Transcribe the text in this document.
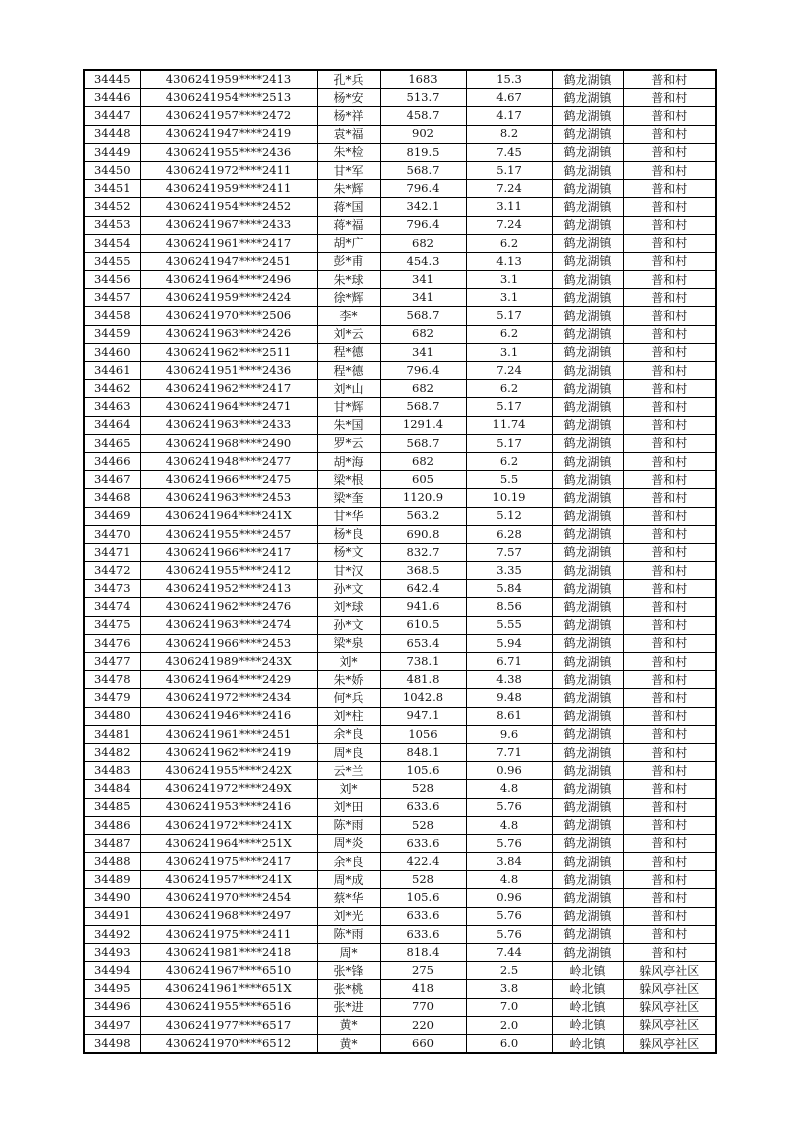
34445	4306241959****2413	孔*兵	1683	15.3	鹤龙湖镇	普和村
34446	4306241954****2513	杨*安	513.7	4.67	鹤龙湖镇	普和村
34447	4306241957****2472	杨*祥	458.7	4.17	鹤龙湖镇	普和村
34448	4306241947****2419	袁*福	902	8.2	鹤龙湖镇	普和村
34449	4306241955****2436	朱*检	819.5	7.45	鹤龙湖镇	普和村
34450	4306241972****2411	甘*军	568.7	5.17	鹤龙湖镇	普和村
34451	4306241959****2411	朱*辉	796.4	7.24	鹤龙湖镇	普和村
34452	4306241954****2452	蒋*国	342.1	3.11	鹤龙湖镇	普和村
34453	4306241967****2433	蒋*福	796.4	7.24	鹤龙湖镇	普和村
34454	4306241961****2417	胡*广	682	6.2	鹤龙湖镇	普和村
34455	4306241947****2451	彭*甫	454.3	4.13	鹤龙湖镇	普和村
34456	4306241964****2496	朱*球	341	3.1	鹤龙湖镇	普和村
34457	4306241959****2424	徐*辉	341	3.1	鹤龙湖镇	普和村
34458	4306241970****2506	李*	568.7	5.17	鹤龙湖镇	普和村
34459	4306241963****2426	刘*云	682	6.2	鹤龙湖镇	普和村
34460	4306241962****2511	程*德	341	3.1	鹤龙湖镇	普和村
34461	4306241951****2436	程*德	796.4	7.24	鹤龙湖镇	普和村
34462	4306241962****2417	刘*山	682	6.2	鹤龙湖镇	普和村
34463	4306241964****2471	甘*辉	568.7	5.17	鹤龙湖镇	普和村
34464	4306241963****2433	朱*国	1291.4	11.74	鹤龙湖镇	普和村
34465	4306241968****2490	罗*云	568.7	5.17	鹤龙湖镇	普和村
34466	4306241948****2477	胡*海	682	6.2	鹤龙湖镇	普和村
34467	4306241966****2475	梁*根	605	5.5	鹤龙湖镇	普和村
34468	4306241963****2453	梁*奎	1120.9	10.19	鹤龙湖镇	普和村
34469	4306241964****241X	甘*华	563.2	5.12	鹤龙湖镇	普和村
34470	4306241955****2457	杨*良	690.8	6.28	鹤龙湖镇	普和村
34471	4306241966****2417	杨*文	832.7	7.57	鹤龙湖镇	普和村
34472	4306241955****2412	甘*汉	368.5	3.35	鹤龙湖镇	普和村
34473	4306241952****2413	孙*文	642.4	5.84	鹤龙湖镇	普和村
34474	4306241962****2476	刘*球	941.6	8.56	鹤龙湖镇	普和村
34475	4306241963****2474	孙*文	610.5	5.55	鹤龙湖镇	普和村
34476	4306241966****2453	梁*泉	653.4	5.94	鹤龙湖镇	普和村
34477	4306241989****243X	刘*	738.1	6.71	鹤龙湖镇	普和村
34478	4306241964****2429	朱*娇	481.8	4.38	鹤龙湖镇	普和村
34479	4306241972****2434	何*兵	1042.8	9.48	鹤龙湖镇	普和村
34480	4306241946****2416	刘*柱	947.1	8.61	鹤龙湖镇	普和村
34481	4306241961****2451	余*良	1056	9.6	鹤龙湖镇	普和村
34482	4306241962****2419	周*良	848.1	7.71	鹤龙湖镇	普和村
34483	4306241955****242X	云*兰	105.6	0.96	鹤龙湖镇	普和村
34484	4306241972****249X	刘*	528	4.8	鹤龙湖镇	普和村
34485	4306241953****2416	刘*田	633.6	5.76	鹤龙湖镇	普和村
34486	4306241972****241X	陈*雨	528	4.8	鹤龙湖镇	普和村
34487	4306241964****251X	周*炎	633.6	5.76	鹤龙湖镇	普和村
34488	4306241975****2417	余*良	422.4	3.84	鹤龙湖镇	普和村
34489	4306241957****241X	周*成	528	4.8	鹤龙湖镇	普和村
34490	4306241970****2454	蔡*华	105.6	0.96	鹤龙湖镇	普和村
34491	4306241968****2497	刘*光	633.6	5.76	鹤龙湖镇	普和村
34492	4306241975****2411	陈*雨	633.6	5.76	鹤龙湖镇	普和村
34493	4306241981****2418	周*	818.4	7.44	鹤龙湖镇	普和村
34494	4306241967****6510	张*锋	275	2.5	岭北镇	躲风亭社区
34495	4306241961****651X	张*桃	418	3.8	岭北镇	躲风亭社区
34496	4306241955****6516	张*进	770	7.0	岭北镇	躲风亭社区
34497	4306241977****6517	黄*	220	2.0	岭北镇	躲风亭社区
34498	4306241970****6512	黄*	660	6.0	岭北镇	躲风亭社区
